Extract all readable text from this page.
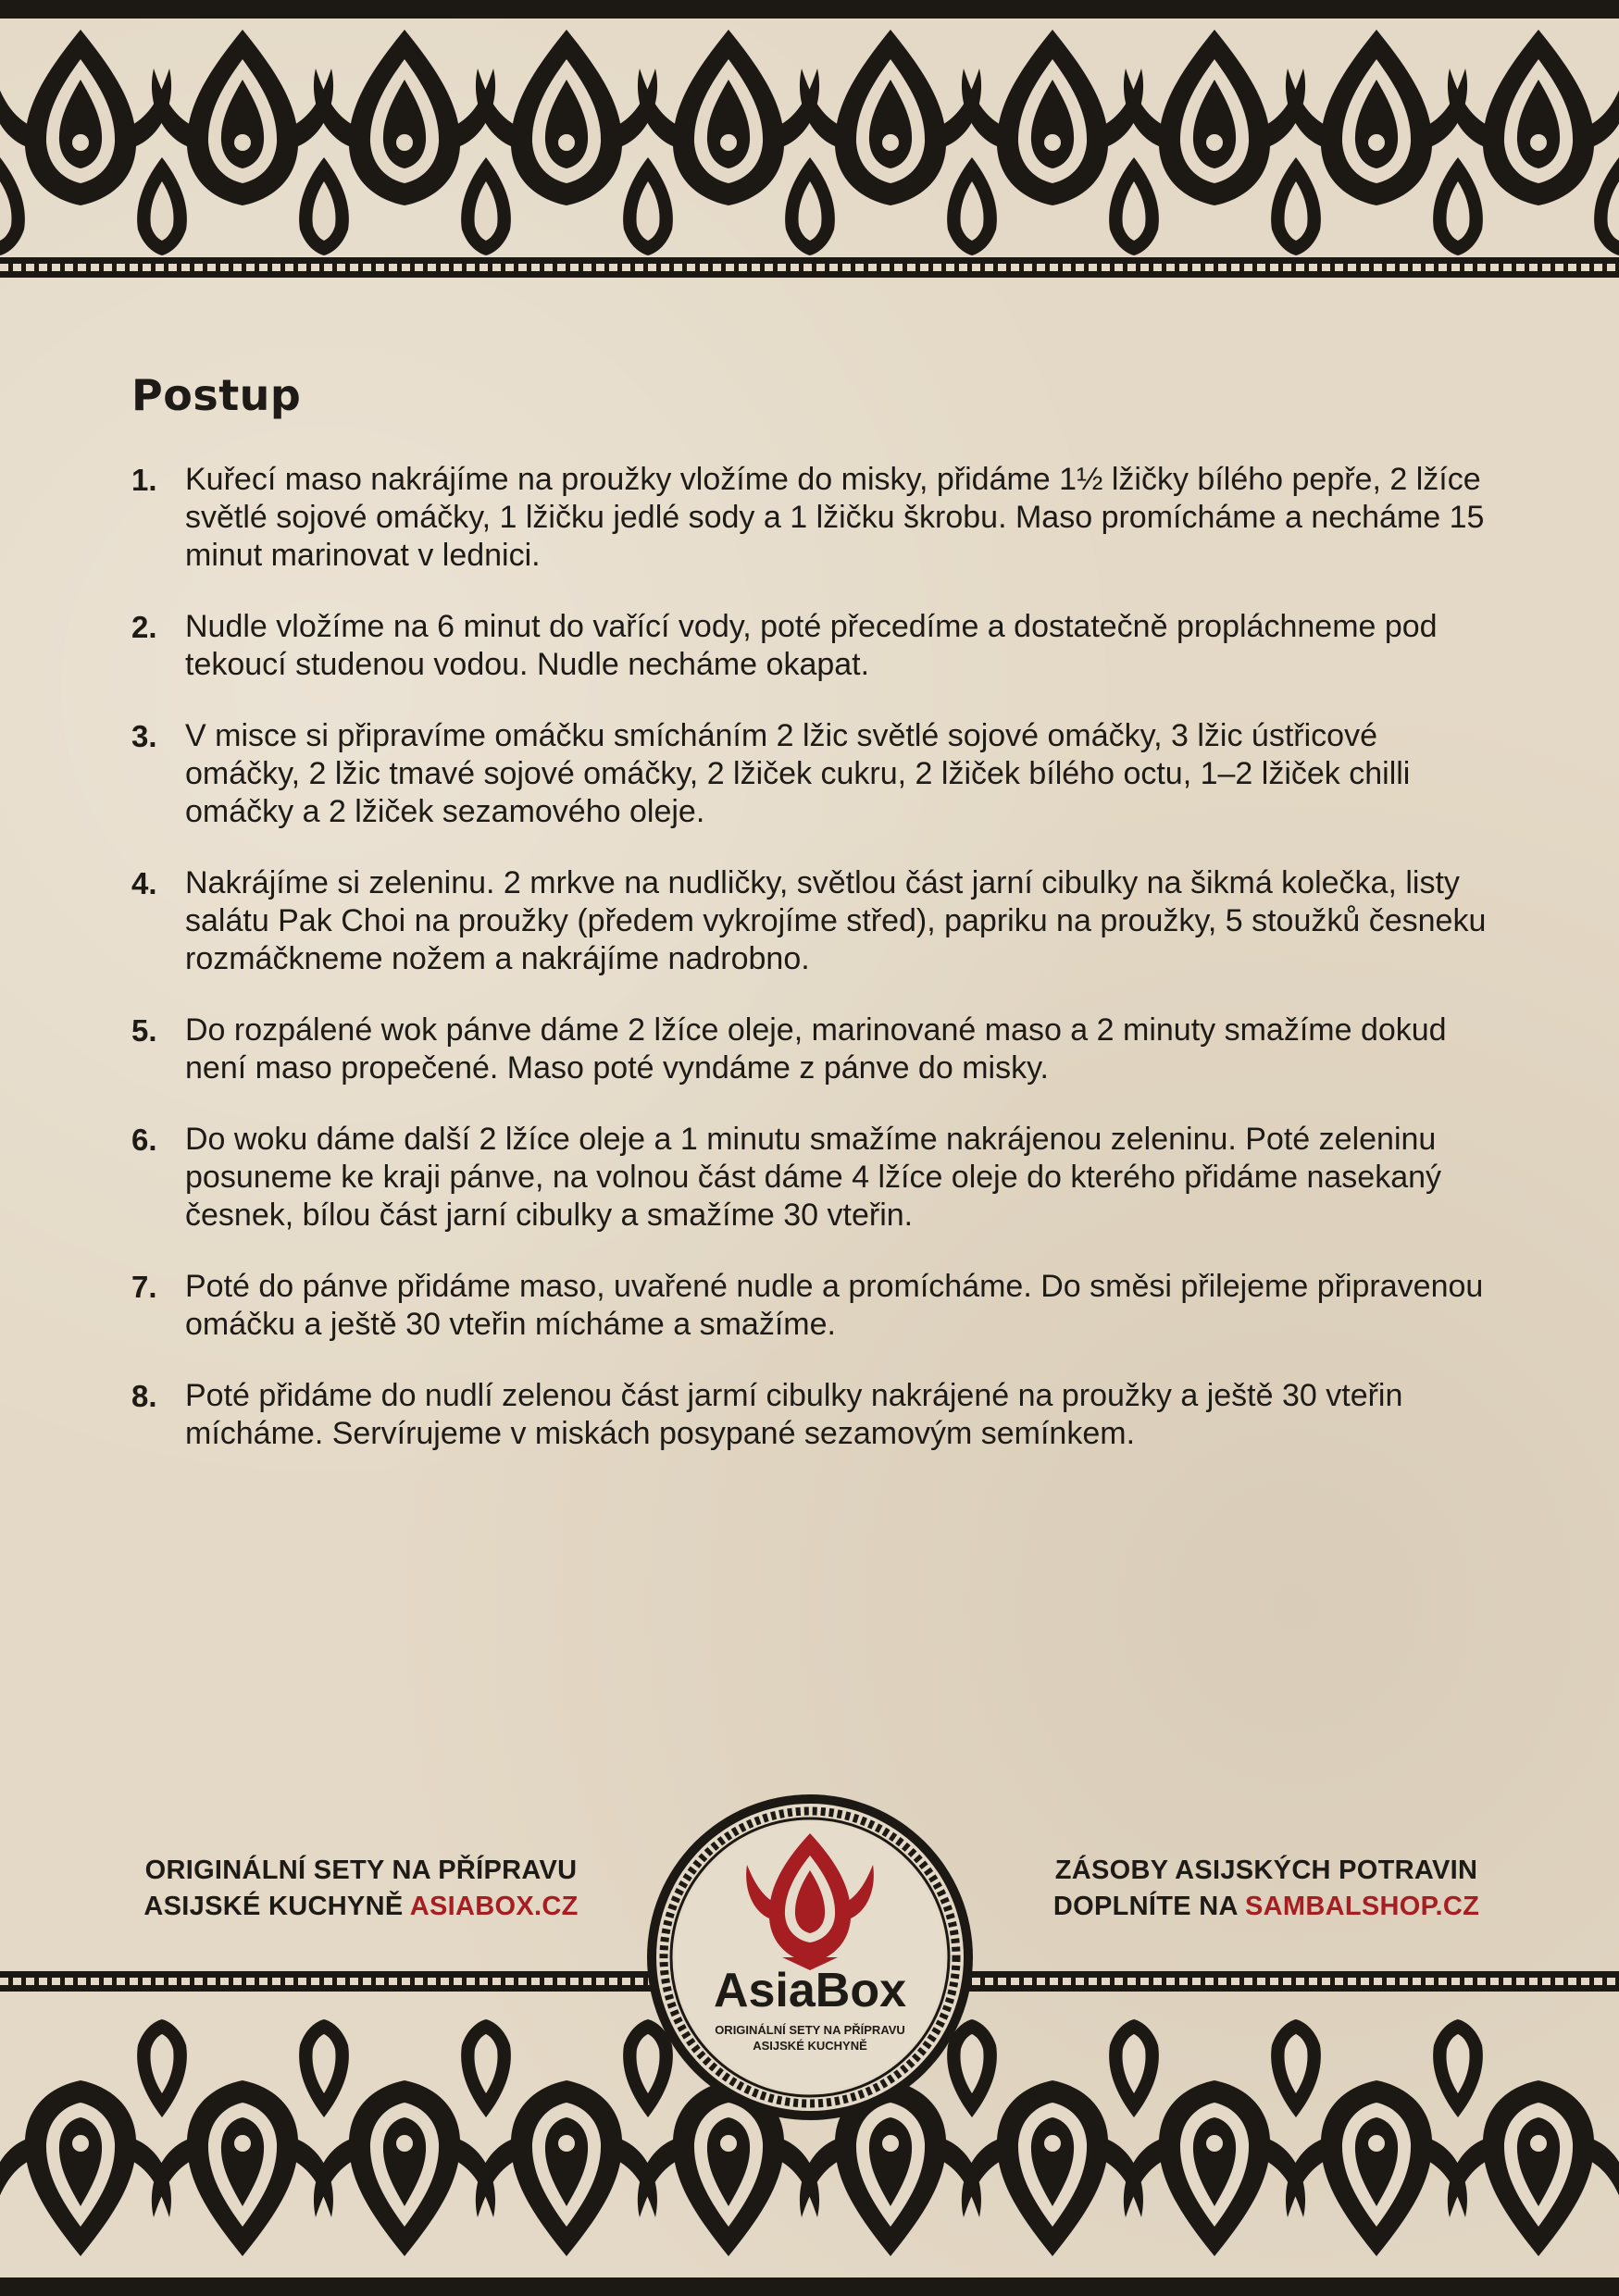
Postup
1. Kuřecí maso nakrájíme na proužky vložíme do misky, přidáme 1½ lžičky bílého pepře, 2 lžíce světlé sojové omáčky, 1 lžičku jedlé sody a 1 lžičku škrobu. Maso promícháme a necháme 15 minut marinovat v lednici.
2. Nudle vložíme na 6 minut do vařící vody, poté přecedíme a dostatečně propláchneme pod tekoucí studenou vodou. Nudle necháme okapat.
3. V misce si připravíme omáčku smícháním 2 lžic světlé sojové omáčky, 3 lžic ústřicové omáčky, 2 lžic tmavé sojové omáčky, 2 lžiček cukru, 2 lžiček bílého octu, 1–2 lžiček chilli omáčky a 2 lžiček sezamového oleje.
4. Nakrájíme si zeleninu. 2 mrkve na nudličky, světlou část jarní cibulky na šikmá kolečka, listy salátu Pak Choi na proužky (předem vykrojíme střed), papriku na proužky, 5 stoužků česneku rozmáčkneme nožem a nakrájíme nadrobno.
5. Do rozpálené wok pánve dáme 2 lžíce oleje, marinované maso a 2 minuty smažíme dokud není maso propečené. Maso poté vyndáme z pánve do misky.
6. Do woku dáme další 2 lžíce oleje a 1 minutu smažíme nakrájenou zeleninu. Poté zeleninu posuneme ke kraji pánve, na volnou část dáme 4 lžíce oleje do kterého přidáme nasekaný česnek, bílou část jarní cibulky a smažíme 30 vteřin.
7. Poté do pánve přidáme maso, uvařené nudle a promícháme. Do směsi přilejeme připravenou omáčku a ještě 30 vteřin mícháme a smažíme.
8. Poté přidáme do nudlí zelenou část jarmí cibulky nakrájené na proužky a ještě 30 vteřin mícháme. Servírujeme v miskách posypané sezamovým semínkem.
ORIGINÁLNÍ SETY NA PŘÍPRAVU
ASIJSKÉ KUCHYNĚ ASIABOX.CZ
ZÁSOBY ASIJSKÝCH POTRAVIN
DOPLNÍTE NA SAMBALSHOP.CZ
AsiaBox
ORIGINÁLNÍ SETY NA PŘÍPRAVU
ASIJSKÉ KUCHYNĚ
